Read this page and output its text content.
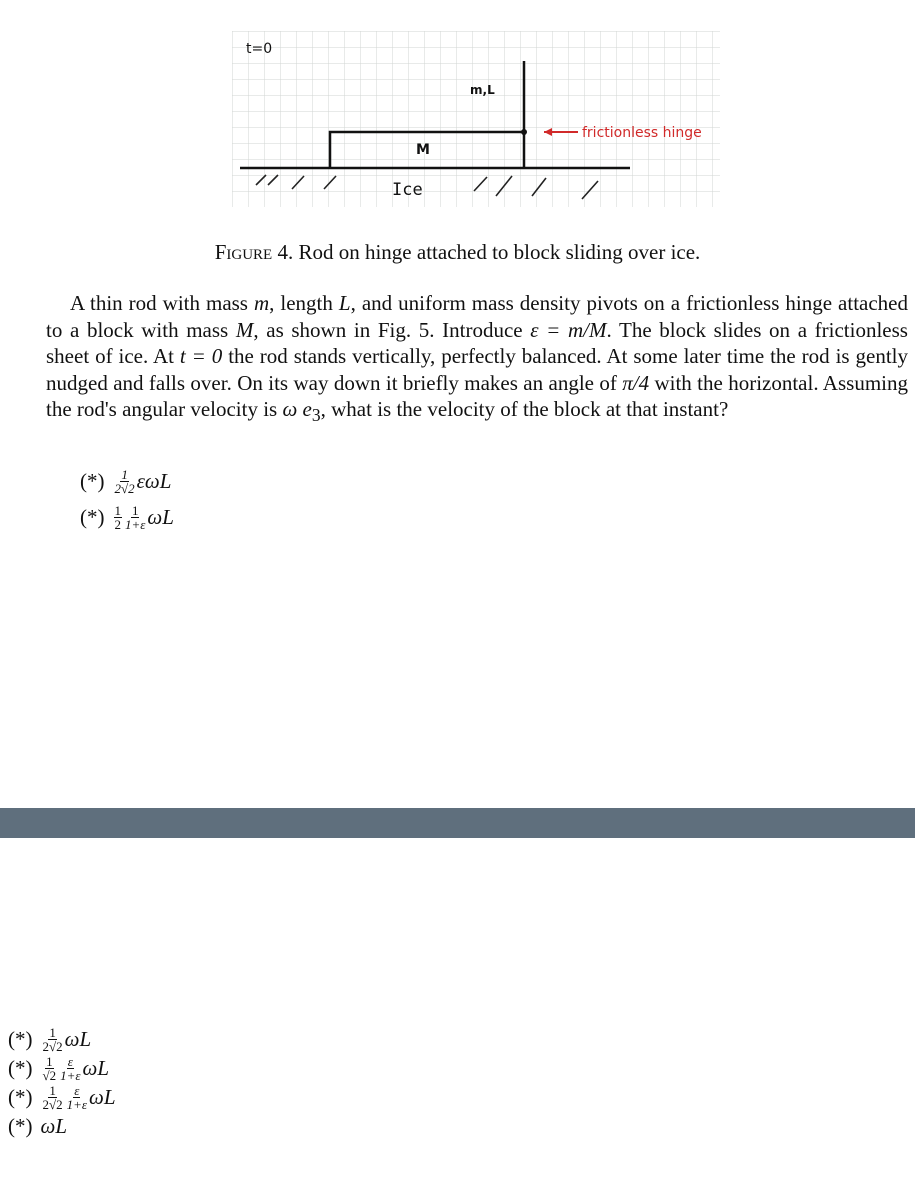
t=0
m,L
M
frictionless hinge
Ice
Figure 4. Rod on hinge attached to block sliding over ice.

A thin rod with mass m, length L, and uniform mass density pivots on a frictionless hinge attached to a block with mass M, as shown in Fig. 5. Introduce ε = m/M. The block slides on a frictionless sheet of ice. At t = 0 the rod stands vertically, perfectly balanced. At some later time the rod is gently nudged and falls over. On its way down it briefly makes an angle of π/4 with the horizontal. Assuming the rod's angular velocity is ω $e_3$, what is the velocity of the block at that instant?

(*) $\frac{1}{2√2}$ εωL
(*) $\frac{1}{2} \frac{1}{1+\varepsilon}$ ωL
(*) $\frac{1}{2√2}$ ωL
(*) $\frac{1}{√2} \frac{\varepsilon}{1+\varepsilon}$ ωL
(*) $\frac{1}{2√2} \frac{\varepsilon}{1+\varepsilon}$ ωL
(*) ωL
